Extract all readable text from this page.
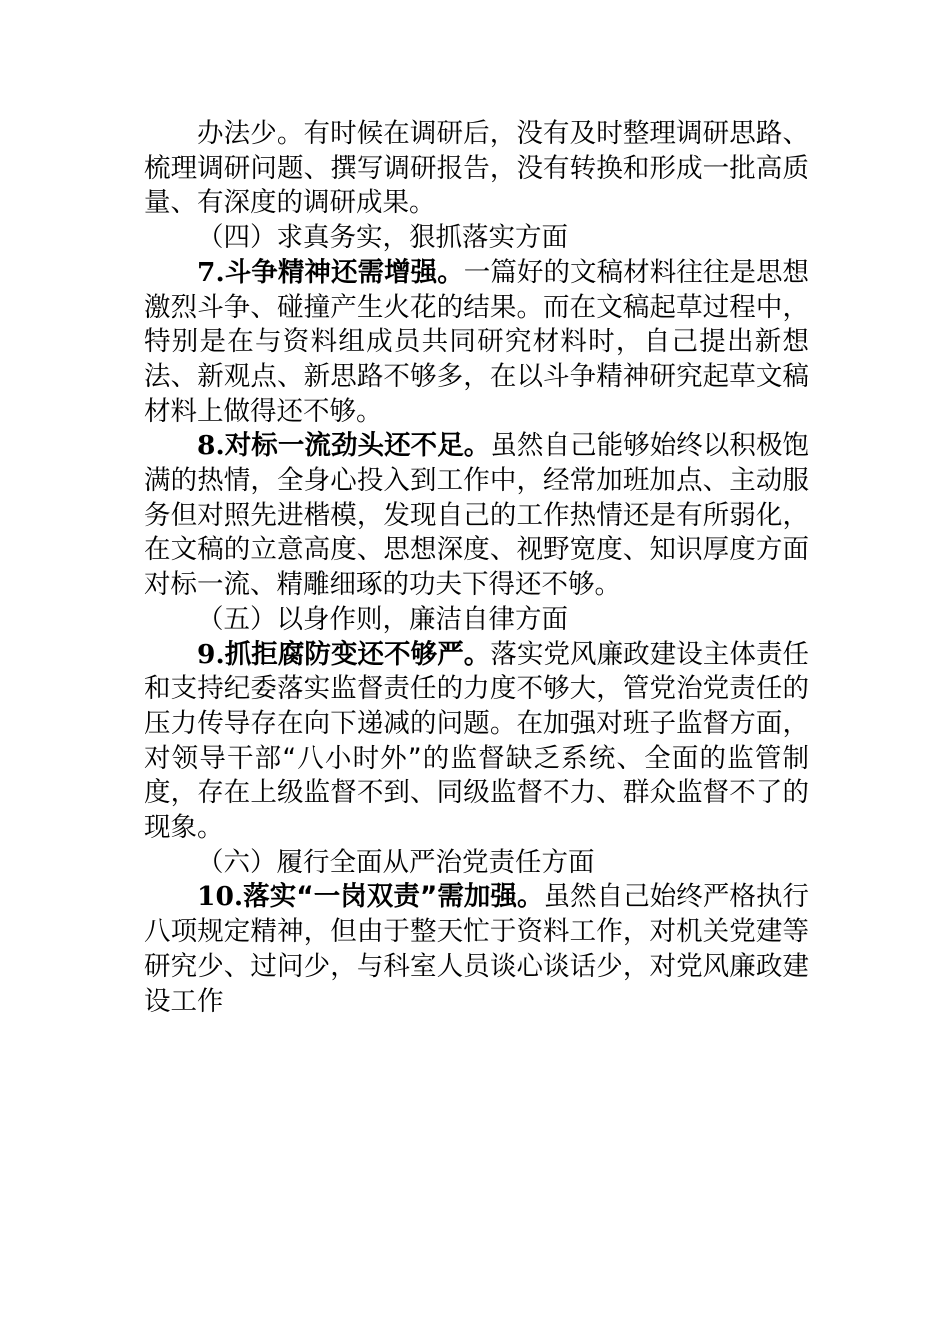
办法少。有时候在调研后，没有及时整理调研思路、梳理调研问题、撰写调研报告，没有转换和形成一批高质量、有深度的调研成果。

（四）求真务实，狠抓落实方面

7.斗争精神还需增强。一篇好的文稿材料往往是思想激烈斗争、碰撞产生火花的结果。而在文稿起草过程中，特别是在与资料组成员共同研究材料时，自己提出新想法、新观点、新思路不够多，在以斗争精神研究起草文稿材料上做得还不够。

8.对标一流劲头还不足。虽然自己能够始终以积极饱满的热情，全身心投入到工作中，经常加班加点、主动服务但对照先进楷模，发现自己的工作热情还是有所弱化，在文稿的立意高度、思想深度、视野宽度、知识厚度方面对标一流、精雕细琢的功夫下得还不够。

（五）以身作则，廉洁自律方面

9.抓拒腐防变还不够严。落实党风廉政建设主体责任和支持纪委落实监督责任的力度不够大，管党治党责任的压力传导存在向下递减的问题。在加强对班子监督方面，对领导干部“八小时外”的监督缺乏系统、全面的监管制度，存在上级监督不到、同级监督不力、群众监督不了的现象。

（六）履行全面从严治党责任方面

10.落实“一岗双责”需加强。虽然自己始终严格执行八项规定精神，但由于整天忙于资料工作，对机关党建等研究少、过问少，与科室人员谈心谈话少，对党风廉政建设工作
